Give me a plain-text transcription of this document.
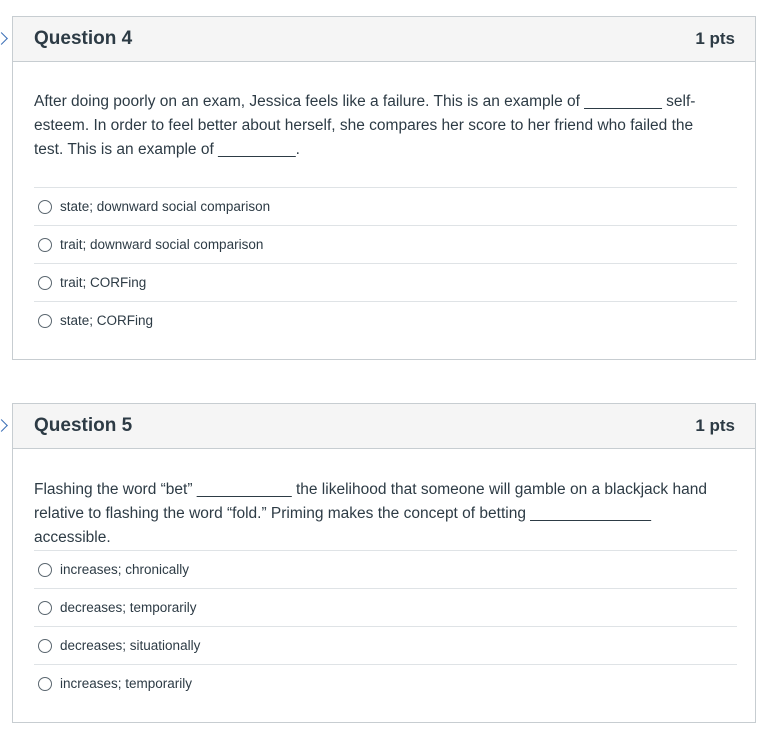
Question 4	1 pts
After doing poorly on an exam, Jessica feels like a failure. This is an example of _________ self-esteem. In order to feel better about herself, she compares her score to her friend who failed the test. This is an example of _________.
state; downward social comparison
trait; downward social comparison
trait; CORFing
state; CORFing
Question 5	1 pts
Flashing the word “bet” ___________ the likelihood that someone will gamble on a blackjack hand relative to flashing the word “fold.” Priming makes the concept of betting ______________ accessible.
increases; chronically
decreases; temporarily
decreases; situationally
increases; temporarily
